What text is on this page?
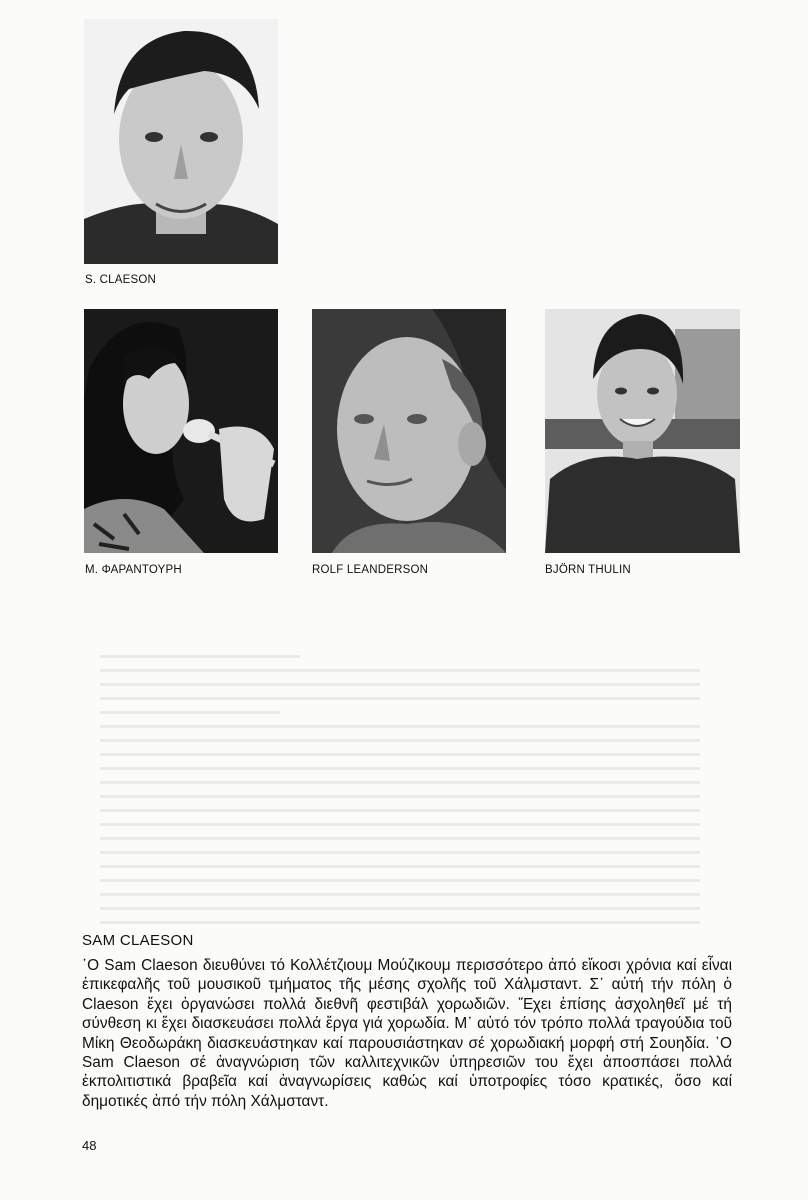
S. CLAESON
Μ. ΦΑΡΑΝΤΟΥΡΗ	ROLF LEANDERSON	BJÖRN THULIN
SAM CLAESON
῾Ο Sam Claeson διευθύνει τό Κολλέτζιουμ Μούζικουμ περισσότερο ἀπό εἴκοσι χρόνια καί εἶναι ἐπικεφαλῆς τοῦ μουσικοῦ τμήματος τῆς μέσης σχολῆς τοῦ Χάλμσταντ. Σ᾽ αὐτή τήν πόλη ὁ Claeson ἔχει ὀργανώσει πολλά διεθνῆ φεστιβάλ χορωδιῶν. Ἔχει ἐπίσης ἀσχοληθεῖ μέ τή σύνθεση κι ἔχει διασκευάσει πολλά ἔργα γιά χορωδία. Μ᾽ αὐτό τόν τρόπο πολλά τραγούδια τοῦ Μίκη Θεοδωράκη διασκευάστηκαν καί παρουσιάστηκαν σέ χορωδιακή μορφή στή Σουηδία. ῾Ο Sam Claeson σέ ἀναγνώριση τῶν καλλιτεχνικῶν ὑπηρεσιῶν του ἔχει ἀποσπάσει πολλά ἐκπολιτιστικά βραβεῖα καί ἀναγνωρίσεις καθώς καί ὑποτροφίες τόσο κρατικές, ὅσο καί δημοτικές ἀπό τήν πόλη Χάλμσταντ.
48
